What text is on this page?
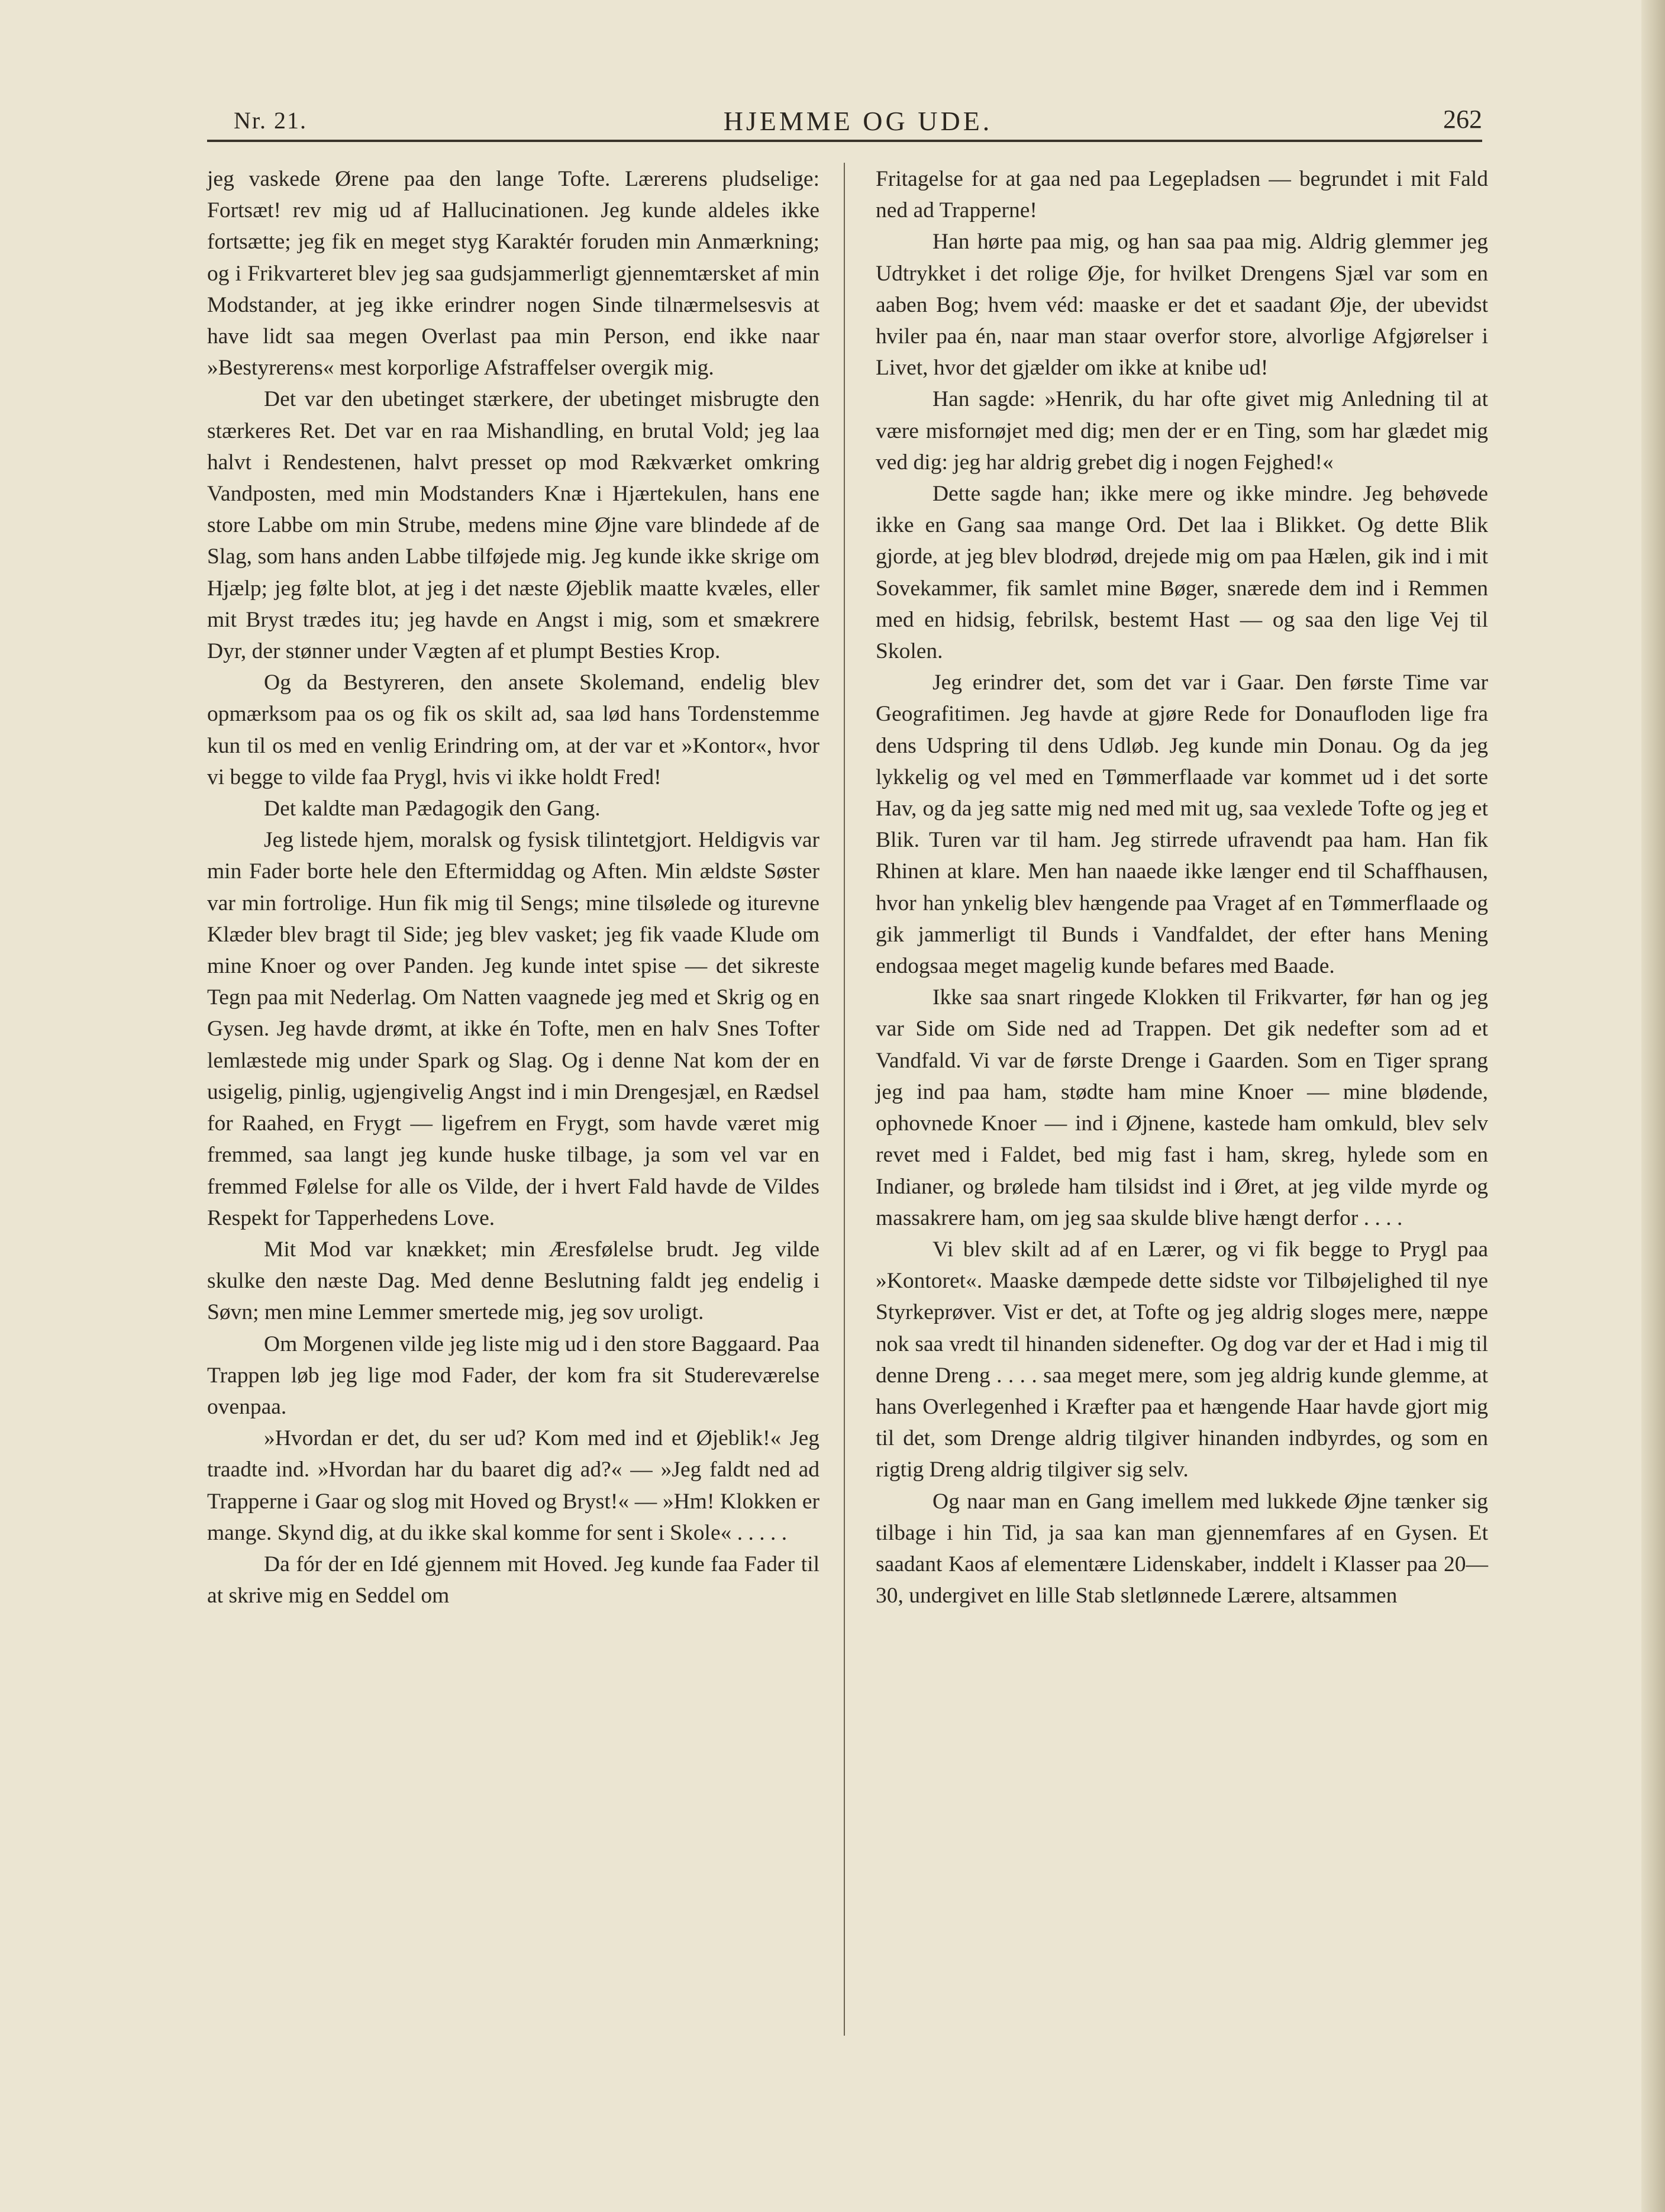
Nr. 21.	HJEMME OG UDE.	262

jeg vaskede Ørene paa den lange Tofte. Lærerens pludselige: Fortsæt! rev mig ud af Hallucinationen. Jeg kunde aldeles ikke fortsætte; jeg fik en meget styg Karaktér foruden min Anmærkning; og i Frikvarteret blev jeg saa gudsjammerligt gjennemtærsket af min Modstander, at jeg ikke erindrer nogen Sinde tilnærmelsesvis at have lidt saa megen Overlast paa min Person, end ikke naar »Bestyrerens« mest korporlige Afstraffelser overgik mig.

Det var den ubetinget stærkere, der ubetinget misbrugte den stærkeres Ret. Det var en raa Mishandling, en brutal Vold; jeg laa halvt i Rendestenen, halvt presset op mod Rækværket omkring Vandposten, med min Modstanders Knæ i Hjærtekulen, hans ene store Labbe om min Strube, medens mine Øjne vare blindede af de Slag, som hans anden Labbe tilføjede mig. Jeg kunde ikke skrige om Hjælp; jeg følte blot, at jeg i det næste Øjeblik maatte kvæles, eller mit Bryst trædes itu; jeg havde en Angst i mig, som et smækrere Dyr, der stønner under Vægten af et plumpt Besties Krop.

Og da Bestyreren, den ansete Skolemand, endelig blev opmærksom paa os og fik os skilt ad, saa lød hans Tordenstemme kun til os med en venlig Erindring om, at der var et »Kontor«, hvor vi begge to vilde faa Prygl, hvis vi ikke holdt Fred!

Det kaldte man Pædagogik den Gang.

Jeg listede hjem, moralsk og fysisk tilintetgjort. Heldigvis var min Fader borte hele den Eftermiddag og Aften. Min ældste Søster var min fortrolige. Hun fik mig til Sengs; mine tilsølede og iturevne Klæder blev bragt til Side; jeg blev vasket; jeg fik vaade Klude om mine Knoer og over Panden. Jeg kunde intet spise — det sikreste Tegn paa mit Nederlag. Om Natten vaagnede jeg med et Skrig og en Gysen. Jeg havde drømt, at ikke én Tofte, men en halv Snes Tofter lemlæstede mig under Spark og Slag. Og i denne Nat kom der en usigelig, pinlig, ugjengivelig Angst ind i min Drengesjæl, en Rædsel for Raahed, en Frygt — ligefrem en Frygt, som havde været mig fremmed, saa langt jeg kunde huske tilbage, ja som vel var en fremmed Følelse for alle os Vilde, der i hvert Fald havde de Vildes Respekt for Tapperhedens Love.

Mit Mod var knækket; min Æresfølelse brudt. Jeg vilde skulke den næste Dag. Med denne Beslutning faldt jeg endelig i Søvn; men mine Lemmer smertede mig, jeg sov uroligt.

Om Morgenen vilde jeg liste mig ud i den store Baggaard. Paa Trappen løb jeg lige mod Fader, der kom fra sit Studereværelse ovenpaa.

»Hvordan er det, du ser ud? Kom med ind et Øjeblik!« Jeg traadte ind. »Hvordan har du baaret dig ad?« — »Jeg faldt ned ad Trapperne i Gaar og slog mit Hoved og Bryst!« — »Hm! Klokken er mange. Skynd dig, at du ikke skal komme for sent i Skole« . . . . .

Da fór der en Idé gjennem mit Hoved. Jeg kunde faa Fader til at skrive mig en Seddel om

Fritagelse for at gaa ned paa Legepladsen — begrundet i mit Fald ned ad Trapperne!

Han hørte paa mig, og han saa paa mig. Aldrig glemmer jeg Udtrykket i det rolige Øje, for hvilket Drengens Sjæl var som en aaben Bog; hvem véd: maaske er det et saadant Øje, der ubevidst hviler paa én, naar man staar overfor store, alvorlige Afgjørelser i Livet, hvor det gjælder om ikke at knibe ud!

Han sagde: »Henrik, du har ofte givet mig Anledning til at være misfornøjet med dig; men der er en Ting, som har glædet mig ved dig: jeg har aldrig grebet dig i nogen Fejghed!«

Dette sagde han; ikke mere og ikke mindre. Jeg behøvede ikke en Gang saa mange Ord. Det laa i Blikket. Og dette Blik gjorde, at jeg blev blodrød, drejede mig om paa Hælen, gik ind i mit Sovekammer, fik samlet mine Bøger, snærede dem ind i Remmen med en hidsig, febrilsk, bestemt Hast — og saa den lige Vej til Skolen.

Jeg erindrer det, som det var i Gaar. Den første Time var Geografitimen. Jeg havde at gjøre Rede for Donaufloden lige fra dens Udspring til dens Udløb. Jeg kunde min Donau. Og da jeg lykkelig og vel med en Tømmerflaade var kommet ud i det sorte Hav, og da jeg satte mig ned med mit ug, saa vexlede Tofte og jeg et Blik. Turen var til ham. Jeg stirrede ufravendt paa ham. Han fik Rhinen at klare. Men han naaede ikke længer end til Schaffhausen, hvor han ynkelig blev hængende paa Vraget af en Tømmerflaade og gik jammerligt til Bunds i Vandfaldet, der efter hans Mening endogsaa meget magelig kunde befares med Baade.

Ikke saa snart ringede Klokken til Frikvarter, før han og jeg var Side om Side ned ad Trappen. Det gik nedefter som ad et Vandfald. Vi var de første Drenge i Gaarden. Som en Tiger sprang jeg ind paa ham, stødte ham mine Knoer — mine blødende, ophovnede Knoer — ind i Øjnene, kastede ham omkuld, blev selv revet med i Faldet, bed mig fast i ham, skreg, hylede som en Indianer, og brølede ham tilsidst ind i Øret, at jeg vilde myrde og massakrere ham, om jeg saa skulde blive hængt derfor . . . .

Vi blev skilt ad af en Lærer, og vi fik begge to Prygl paa »Kontoret«. Maaske dæmpede dette sidste vor Tilbøjelighed til nye Styrkeprøver. Vist er det, at Tofte og jeg aldrig sloges mere, næppe nok saa vredt til hinanden sidenefter. Og dog var der et Had i mig til denne Dreng . . . . saa meget mere, som jeg aldrig kunde glemme, at hans Overlegenhed i Kræfter paa et hængende Haar havde gjort mig til det, som Drenge aldrig tilgiver hinanden indbyrdes, og som en rigtig Dreng aldrig tilgiver sig selv.

Og naar man en Gang imellem med lukkede Øjne tænker sig tilbage i hin Tid, ja saa kan man gjennemfares af en Gysen. Et saadant Kaos af elementære Lidenskaber, inddelt i Klasser paa 20—30, undergivet en lille Stab sletlønnede Lærere, altsammen
